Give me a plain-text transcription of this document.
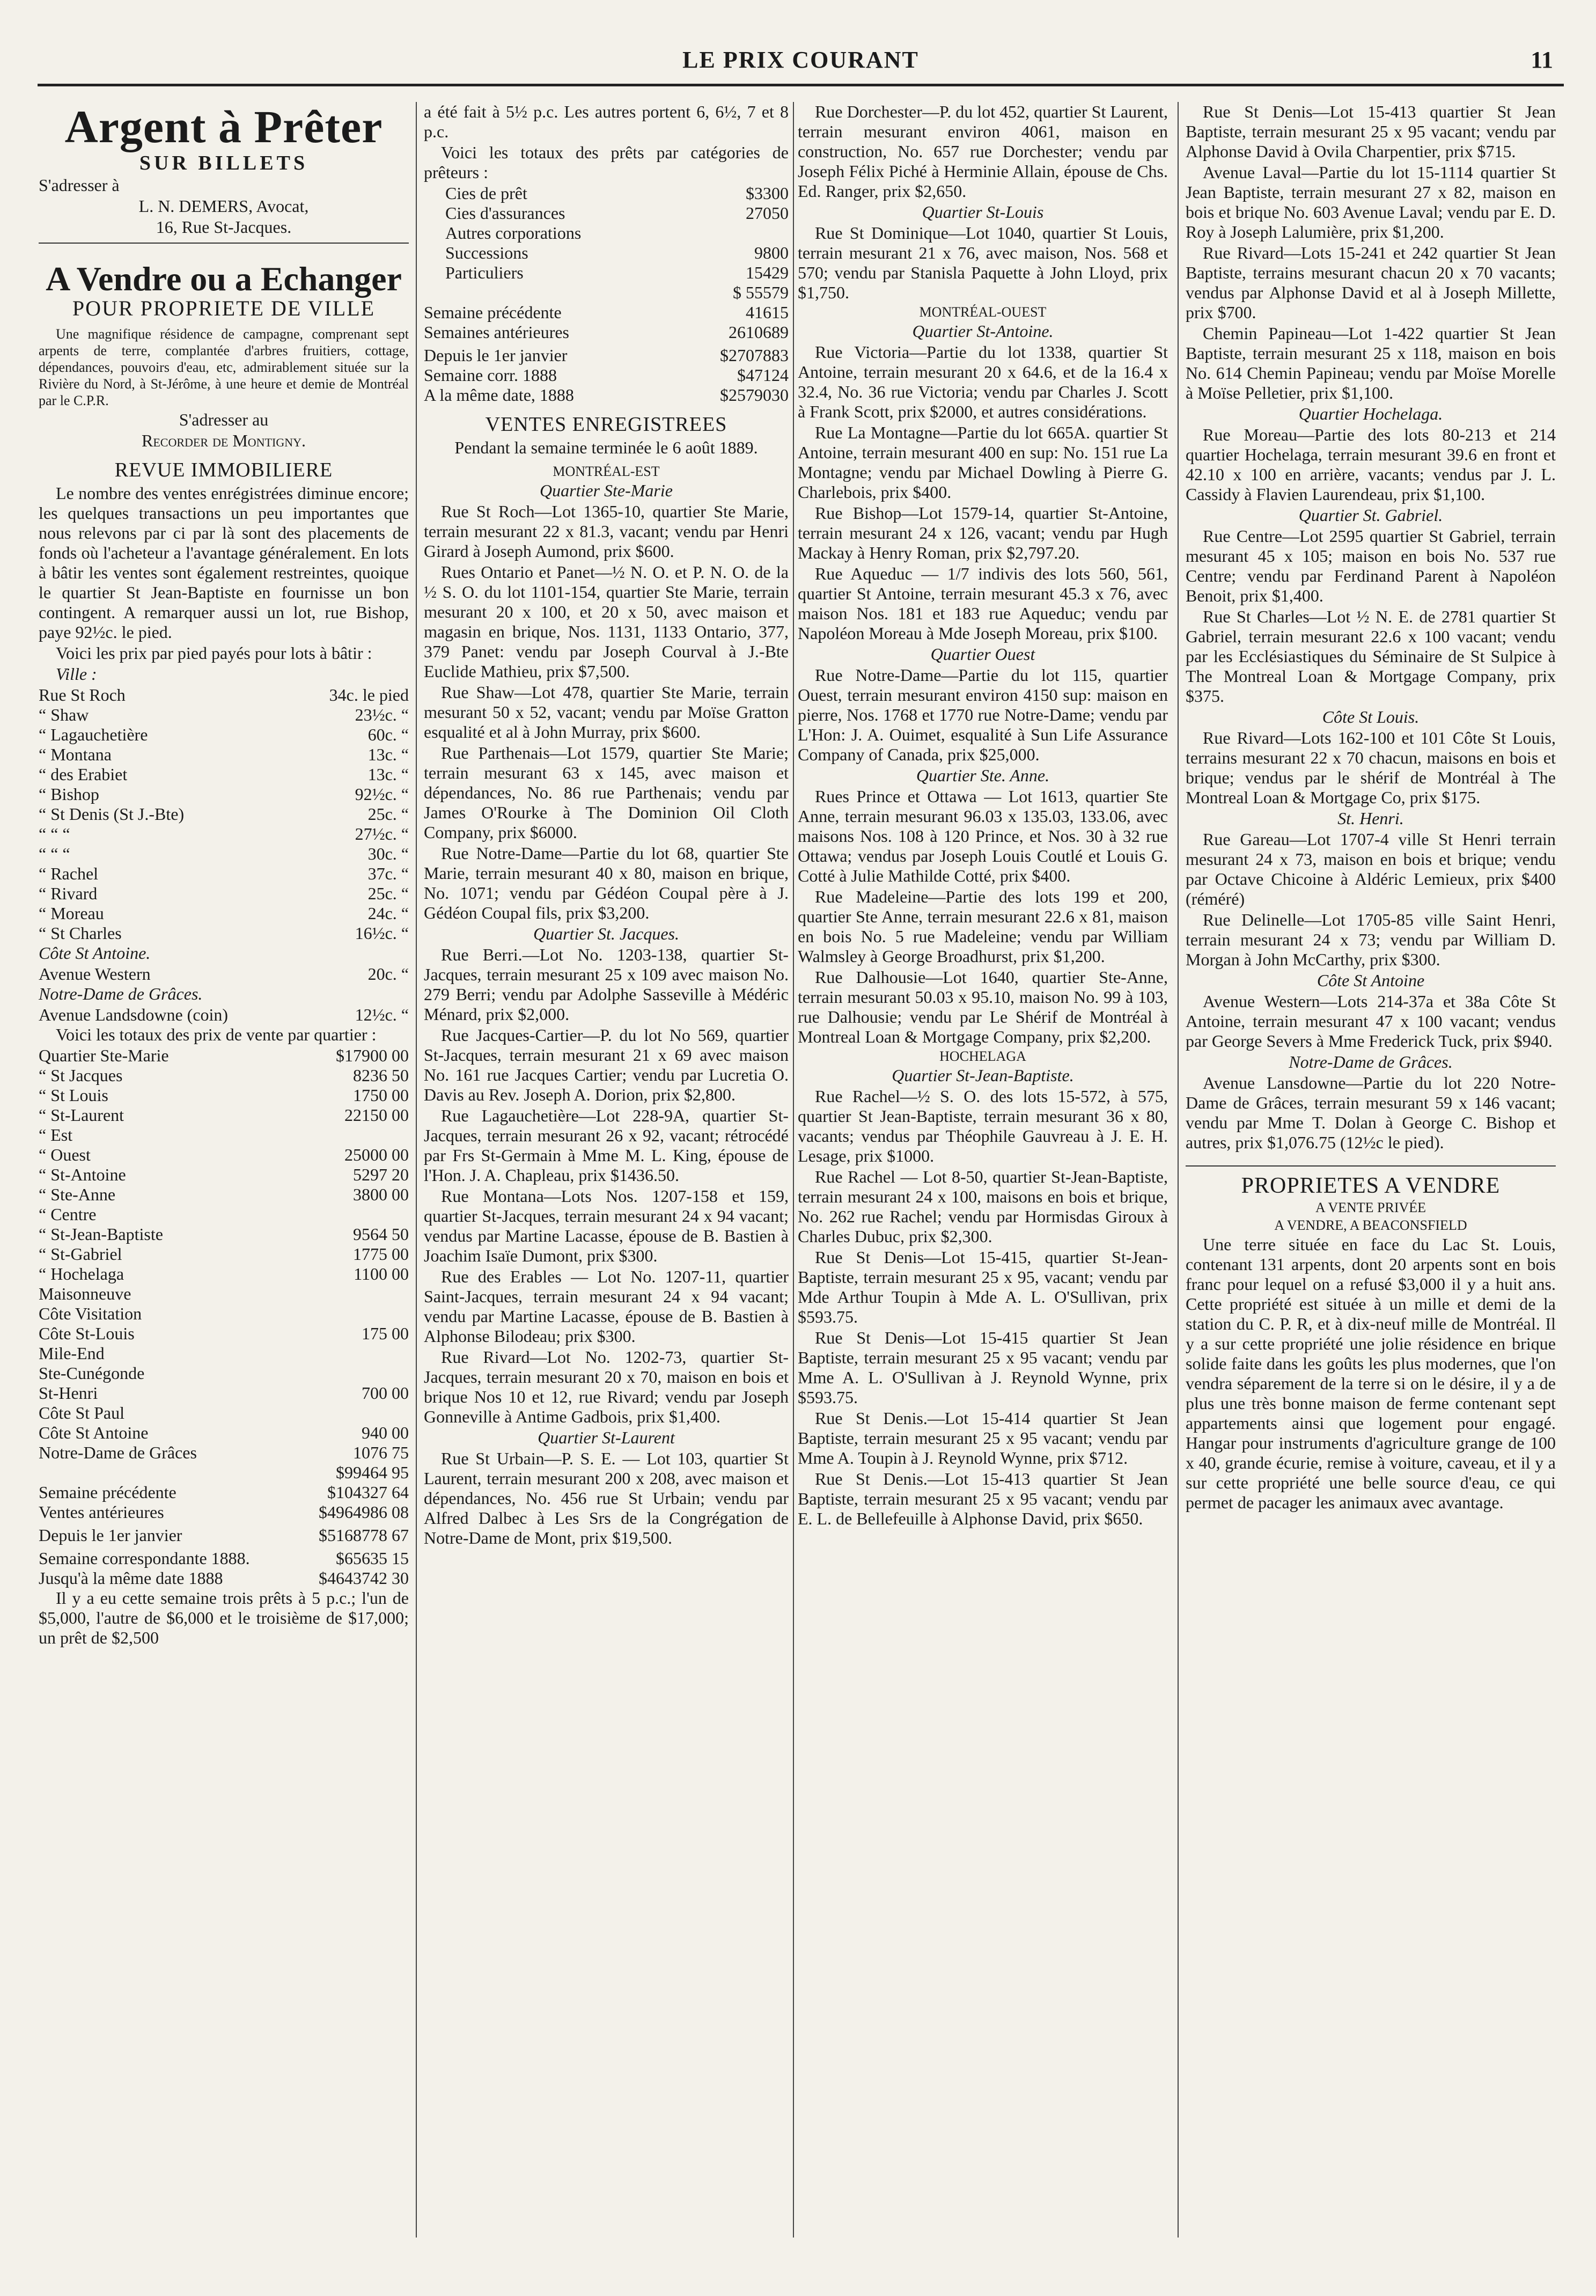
LE PRIX COURANT	11
Argent à Prêter
SUR BILLETS

S'adresser à

L. N. DEMERS, Avocat,

16, Rue St-Jacques.

A Vendre ou a Echanger
POUR PROPRIETE DE VILLE

Une magnifique résidence de campagne, comprenant sept arpents de terre, complantée d'arbres fruitiers, cottage, dépendances, pouvoirs d'eau, etc, admirablement située sur la Rivière du Nord, à St-Jérôme, à une heure et demie de Montréal par le C.P.R.

S'adresser au

Recorder de Montigny.

REVUE IMMOBILIERE

Le nombre des ventes enrégistrées diminue encore; les quelques transactions un peu importantes que nous relevons par ci par là sont des placements de fonds où l'acheteur a l'avantage généralement. En lots à bâtir les ventes sont également restreintes, quoique le quartier St Jean-Baptiste en fournisse un bon contingent. A remarquer aussi un lot, rue Bishop, paye 92½c. le pied.

Voici les prix par pied payés pour lots à bâtir :

Ville :

Rue St Roch	34c. le pied
“ Shaw	23½c. “
“ Lagauchetière	60c. “
“ Montana	13c. “
“ des Erabiet	13c. “
“ Bishop	92½c. “
“ St Denis (St J.-Bte)	25c. “
“ “ “	27½c. “
“ “ “	30c. “
“ Rachel	37c. “
“ Rivard	25c. “
“ Moreau	24c. “
“ St Charles	16½c. “

Côte St Antoine.

Avenue Western	20c. “

Notre-Dame de Grâces.

Avenue Landsdowne (coin)	12½c. “

Voici les totaux des prix de vente par quartier :

Quartier Ste-Marie	$17900 00
“ St Jacques	8236 50
“ St Louis	1750 00
“ St-Laurent	22150 00
“ Est
“ Ouest	25000 00
“ St-Antoine	5297 20
“ Ste-Anne	3800 00
“ Centre
“ St-Jean-Baptiste	9564 50
“ St-Gabriel	1775 00
“ Hochelaga	1100 00
Maisonneuve
Côte Visitation
Côte St-Louis	175 00
Mile-End
Ste-Cunégonde
St-Henri	700 00
Côte St Paul
Côte St Antoine	940 00
Notre-Dame de Grâces	1076 75
$99464 95
Semaine précédente	$104327 64
Ventes antérieures	$4964986 08
Depuis le 1er janvier	$5168778 67
Semaine correspondante 1888.	$65635 15
Jusqu'à la même date 1888	$4643742 30

Il y a eu cette semaine trois prêts à 5 p.c.; l'un de $5,000, l'autre de $6,000 et le troisième de $17,000; un prêt de $2,500

a été fait à 5½ p.c. Les autres portent 6, 6½, 7 et 8 p.c.

Voici les totaux des prêts par catégories de prêteurs :

Cies de prêt	$3300
Cies d'assurances	27050
Autres corporations
Successions	9800
Particuliers	15429
$ 55579
Semaine précédente	41615
Semaines antérieures	2610689
Depuis le 1er janvier	$2707883
Semaine corr. 1888	$47124
A la même date, 1888	$2579030
VENTES ENREGISTREES

Pendant la semaine terminée le 6 août 1889.

MONTRÉAL-EST

Quartier Ste-Marie

Rue St Roch—Lot 1365-10, quartier Ste Marie, terrain mesurant 22 x 81.3, vacant; vendu par Henri Girard à Joseph Aumond, prix $600.

Rues Ontario et Panet—½ N. O. et P. N. O. de la ½ S. O. du lot 1101-154, quartier Ste Marie, terrain mesurant 20 x 100, et 20 x 50, avec maison et magasin en brique, Nos. 1131, 1133 Ontario, 377, 379 Panet: vendu par Joseph Courval à J.-Bte Euclide Mathieu, prix $7,500.

Rue Shaw—Lot 478, quartier Ste Marie, terrain mesurant 50 x 52, vacant; vendu par Moïse Gratton esqualité et al à John Murray, prix $600.

Rue Parthenais—Lot 1579, quartier Ste Marie; terrain mesurant 63 x 145, avec maison et dépendances, No. 86 rue Parthenais; vendu par James O'Rourke à The Dominion Oil Cloth Company, prix $6000.

Rue Notre-Dame—Partie du lot 68, quartier Ste Marie, terrain mesurant 40 x 80, maison en brique, No. 1071; vendu par Gédéon Coupal père à J. Gédéon Coupal fils, prix $3,200.

Quartier St. Jacques.

Rue Berri.—Lot No. 1203-138, quartier St-Jacques, terrain mesurant 25 x 109 avec maison No. 279 Berri; vendu par Adolphe Sasseville à Médéric Ménard, prix $2,000.

Rue Jacques-Cartier—P. du lot No 569, quartier St-Jacques, terrain mesurant 21 x 69 avec maison No. 161 rue Jacques Cartier; vendu par Lucretia O. Davis au Rev. Joseph A. Dorion, prix $2,800.

Rue Lagauchetière—Lot 228-9A, quartier St-Jacques, terrain mesurant 26 x 92, vacant; rétrocédé par Frs St-Germain à Mme M. L. King, épouse de l'Hon. J. A. Chapleau, prix $1436.50.

Rue Montana—Lots Nos. 1207-158 et 159, quartier St-Jacques, terrain mesurant 24 x 94 vacant; vendus par Martine Lacasse, épouse de B. Bastien à Joachim Isaïe Dumont, prix $300.

Rue des Erables — Lot No. 1207-11, quartier Saint-Jacques, terrain mesurant 24 x 94 vacant; vendu par Martine Lacasse, épouse de B. Bastien à Alphonse Bilodeau; prix $300.

Rue Rivard—Lot No. 1202-73, quartier St-Jacques, terrain mesurant 20 x 70, maison en bois et brique Nos 10 et 12, rue Rivard; vendu par Joseph Gonneville à Antime Gadbois, prix $1,400.

Quartier St-Laurent

Rue St Urbain—P. S. E. — Lot 103, quartier St Laurent, terrain mesurant 200 x 208, avec maison et dépendances, No. 456 rue St Urbain; vendu par Alfred Dalbec à Les Srs de la Congrégation de Notre-Dame de Mont, prix $19,500.

Rue Dorchester—P. du lot 452, quartier St Laurent, terrain mesurant environ 4061, maison en construction, No. 657 rue Dorchester; vendu par Joseph Félix Piché à Herminie Allain, épouse de Chs. Ed. Ranger, prix $2,650.

Quartier St-Louis

Rue St Dominique—Lot 1040, quartier St Louis, terrain mesurant 21 x 76, avec maison, Nos. 568 et 570; vendu par Stanisla Paquette à John Lloyd, prix $1,750.

MONTRÉAL-OUEST

Quartier St-Antoine.

Rue Victoria—Partie du lot 1338, quartier St Antoine, terrain mesurant 20 x 64.6, et de la 16.4 x 32.4, No. 36 rue Victoria; vendu par Charles J. Scott à Frank Scott, prix $2000, et autres considérations.

Rue La Montagne—Partie du lot 665A. quartier St Antoine, terrain mesurant 400 en sup: No. 151 rue La Montagne; vendu par Michael Dowling à Pierre G. Charlebois, prix $400.

Rue Bishop—Lot 1579-14, quartier St-Antoine, terrain mesurant 24 x 126, vacant; vendu par Hugh Mackay à Henry Roman, prix $2,797.20.

Rue Aqueduc — 1/7 indivis des lots 560, 561, quartier St Antoine, terrain mesurant 45.3 x 76, avec maison Nos. 181 et 183 rue Aqueduc; vendu par Napoléon Moreau à Mde Joseph Moreau, prix $100.

Quartier Ouest

Rue Notre-Dame—Partie du lot 115, quartier Ouest, terrain mesurant environ 4150 sup: maison en pierre, Nos. 1768 et 1770 rue Notre-Dame; vendu par L'Hon: J. A. Ouimet, esqualité à Sun Life Assurance Company of Canada, prix $25,000.

Quartier Ste. Anne.

Rues Prince et Ottawa — Lot 1613, quartier Ste Anne, terrain mesurant 96.03 x 135.03, 133.06, avec maisons Nos. 108 à 120 Prince, et Nos. 30 à 32 rue Ottawa; vendus par Joseph Louis Coutlé et Louis G. Cotté à Julie Mathilde Cotté, prix $400.

Rue Madeleine—Partie des lots 199 et 200, quartier Ste Anne, terrain mesurant 22.6 x 81, maison en bois No. 5 rue Madeleine; vendu par William Walmsley à George Broadhurst, prix $1,200.

Rue Dalhousie—Lot 1640, quartier Ste-Anne, terrain mesurant 50.03 x 95.10, maison No. 99 à 103, rue Dalhousie; vendu par Le Shérif de Montréal à Montreal Loan & Mortgage Company, prix $2,200.

HOCHELAGA

Quartier St-Jean-Baptiste.

Rue Rachel—½ S. O. des lots 15-572, à 575, quartier St Jean-Baptiste, terrain mesurant 36 x 80, vacants; vendus par Théophile Gauvreau à J. E. H. Lesage, prix $1000.

Rue Rachel — Lot 8-50, quartier St-Jean-Baptiste, terrain mesurant 24 x 100, maisons en bois et brique, No. 262 rue Rachel; vendu par Hormisdas Giroux à Charles Dubuc, prix $2,300.

Rue St Denis—Lot 15-415, quartier St-Jean-Baptiste, terrain mesurant 25 x 95, vacant; vendu par Mde Arthur Toupin à Mde A. L. O'Sullivan, prix $593.75.

Rue St Denis—Lot 15-415 quartier St Jean Baptiste, terrain mesurant 25 x 95 vacant; vendu par Mme A. L. O'Sullivan à J. Reynold Wynne, prix $593.75.

Rue St Denis.—Lot 15-414 quartier St Jean Baptiste, terrain mesurant 25 x 95 vacant; vendu par Mme A. Toupin à J. Reynold Wynne, prix $712.

Rue St Denis.—Lot 15-413 quartier St Jean Baptiste, terrain mesurant 25 x 95 vacant; vendu par E. L. de Bellefeuille à Alphonse David, prix $650.

Rue St Denis—Lot 15-413 quartier St Jean Baptiste, terrain mesurant 25 x 95 vacant; vendu par Alphonse David à Ovila Charpentier, prix $715.

Avenue Laval—Partie du lot 15-1114 quartier St Jean Baptiste, terrain mesurant 27 x 82, maison en bois et brique No. 603 Avenue Laval; vendu par E. D. Roy à Joseph Lalumière, prix $1,200.

Rue Rivard—Lots 15-241 et 242 quartier St Jean Baptiste, terrains mesurant chacun 20 x 70 vacants; vendus par Alphonse David et al à Joseph Millette, prix $700.

Chemin Papineau—Lot 1-422 quartier St Jean Baptiste, terrain mesurant 25 x 118, maison en bois No. 614 Chemin Papineau; vendu par Moïse Morelle à Moïse Pelletier, prix $1,100.

Quartier Hochelaga.

Rue Moreau—Partie des lots 80-213 et 214 quartier Hochelaga, terrain mesurant 39.6 en front et 42.10 x 100 en arrière, vacants; vendus par J. L. Cassidy à Flavien Laurendeau, prix $1,100.

Quartier St. Gabriel.

Rue Centre—Lot 2595 quartier St Gabriel, terrain mesurant 45 x 105; maison en bois No. 537 rue Centre; vendu par Ferdinand Parent à Napoléon Benoit, prix $1,400.

Rue St Charles—Lot ½ N. E. de 2781 quartier St Gabriel, terrain mesurant 22.6 x 100 vacant; vendu par les Ecclésiastiques du Séminaire de St Sulpice à The Montreal Loan & Mortgage Company, prix $375.

Côte St Louis.

Rue Rivard—Lots 162-100 et 101 Côte St Louis, terrains mesurant 22 x 70 chacun, maisons en bois et brique; vendus par le shérif de Montréal à The Montreal Loan & Mortgage Co, prix $175.

St. Henri.

Rue Gareau—Lot 1707-4 ville St Henri terrain mesurant 24 x 73, maison en bois et brique; vendu par Octave Chicoine à Aldéric Lemieux, prix $400 (réméré)

Rue Delinelle—Lot 1705-85 ville Saint Henri, terrain mesurant 24 x 73; vendu par William D. Morgan à John McCarthy, prix $300.

Côte St Antoine

Avenue Western—Lots 214-37a et 38a Côte St Antoine, terrain mesurant 47 x 100 vacant; vendus par George Severs à Mme Frederick Tuck, prix $940.

Notre-Dame de Grâces.

Avenue Lansdowne—Partie du lot 220 Notre-Dame de Grâces, terrain mesurant 59 x 146 vacant; vendu par Mme T. Dolan à George C. Bishop et autres, prix $1,076.75 (12½c le pied).

PROPRIETES A VENDRE

A VENTE PRIVÉE

A VENDRE, A BEACONSFIELD

Une terre située en face du Lac St. Louis, contenant 131 arpents, dont 20 arpents sont en bois franc pour lequel on a refusé $3,000 il y a huit ans. Cette propriété est située à un mille et demi de la station du C. P. R, et à dix-neuf mille de Montréal. Il y a sur cette propriété une jolie résidence en brique solide faite dans les goûts les plus modernes, que l'on vendra séparement de la terre si on le désire, il y a de plus une très bonne maison de ferme contenant sept appartements ainsi que logement pour engagé. Hangar pour instruments d'agriculture grange de 100 x 40, grande écurie, remise à voiture, caveau, et il y a sur cette propriété une belle source d'eau, ce qui permet de pacager les animaux avec avantage.
